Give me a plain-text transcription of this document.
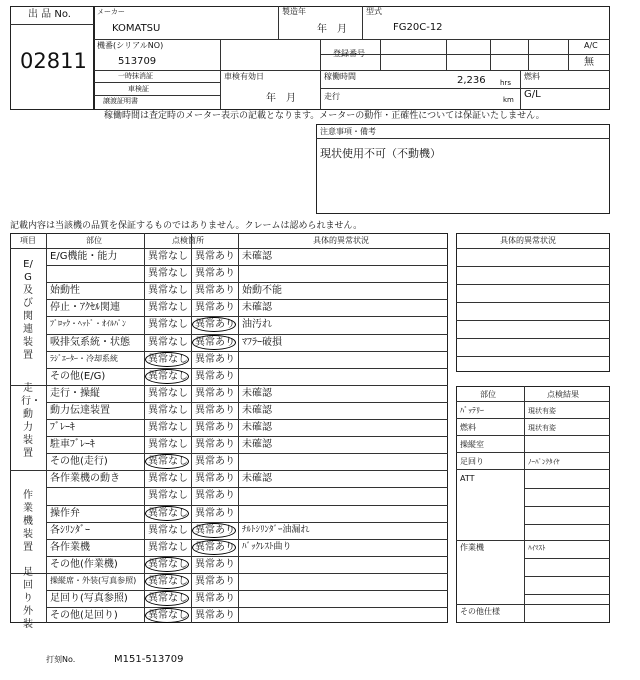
出 品 No.
02811
メーカー
KOMATSU
製造年
年　月
型式
FG20C-12
機番(シリアルNO)
513709
登録番号
A/C
無
一時抹消証
車検証
譲渡証明書
車検有効日
年　月
稼働時間	2,236 hrs
走行	km
燃料
G/L
稼働時間は査定時のメーター表示の記載となります。メーターの動作・正確性については保証いたしません。
注意事項・備考
現状使用不可（不動機）
記載内容は当該機の品質を保証するものではありません。クレームは認められません。
項目	部位	点検箇所	具体的異常状況
E/G及び関連装置
E/G機能・能力	異常なし 異常あり 未確認
異常なし 異常あり
始動性	異常なし 異常あり 始動不能
停止・ｱｸｾﾙ関連	異常なし 異常あり 未確認
ﾌﾞﾛｯｸ・ﾍｯﾄﾞ・ｵｲﾙﾊﾟﾝ 異常なし 異常あり 油汚れ
吸排気系統・状態 異常なし 異常あり ﾏﾌﾗｰ破損
ﾗｼﾞｴｰﾀｰ・冷却系統	異常なし 異常あり
その他(E/G)	異常なし 異常あり
走行・動力装置
走行・操縦	異常なし 異常あり 未確認
動力伝達装置	異常なし 異常あり 未確認
ﾌﾞﾚｰｷ	異常なし 異常あり 未確認
駐車ﾌﾞﾚｰｷ	異常なし 異常あり 未確認
その他(走行)	異常なし 異常あり
作業機装置
各作業機の動き	異常なし 異常あり 未確認
異常なし 異常あり
操作弁	異常なし 異常あり
各ｼﾘﾝﾀﾞｰ	異常なし 異常あり ﾁﾙﾄｼﾘﾝﾀﾞｰ油漏れ
各作業機	異常なし 異常あり ﾊﾞｯｸﾚｽﾄ曲り
その他(作業機)	異常なし 異常あり
足回り外装
操縦席・外装(写真参照) 異常なし 異常あり
足回り(写真参照) 異常なし 異常あり
その他(足回り)	異常なし 異常あり
具体的異常状況
部位	点検結果
ﾊﾞｯﾃﾘｰ	現状有姿
燃料	現状有姿
操縦室
足回り	ﾉｰﾊﾟﾝｸﾀｲﾔ
ATT
作業機	ﾊｲﾏｽﾄ
その他仕様
打刻No.	M151-513709
